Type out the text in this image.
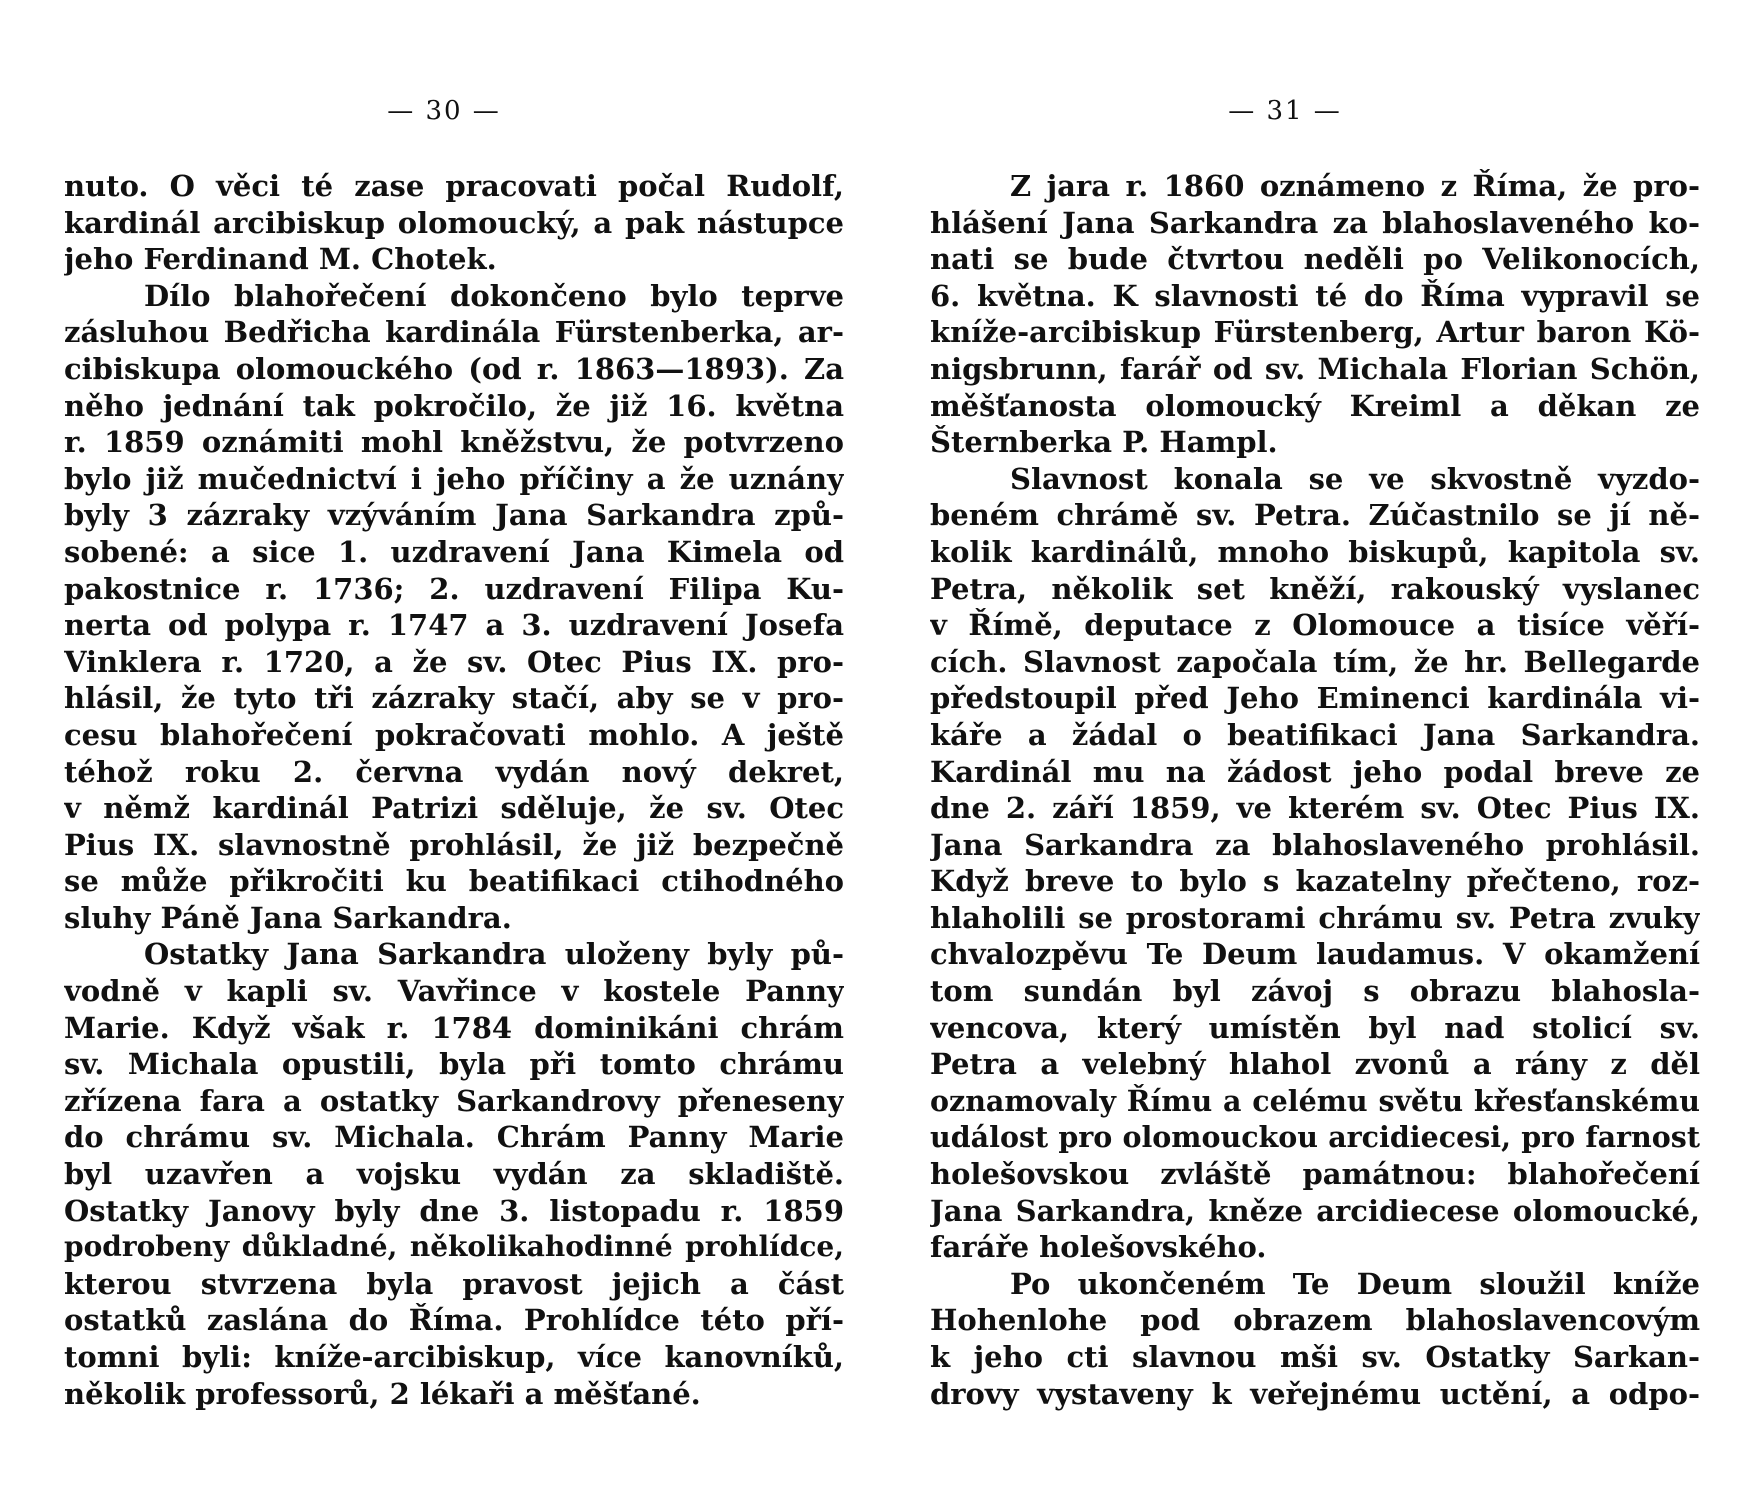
— 30 —
nuto. O věci té zase pracovati počal Rudolf,
kardinál arcibiskup olomoucký, a pak nástupce
jeho Ferdinand M. Chotek.
Dílo blahořečení dokončeno bylo teprve
zásluhou Bedřicha kardinála Fürstenberka, ar-
cibiskupa olomouckého (od r. 1863—1893). Za
něho jednání tak pokročilo, že již 16. května
r. 1859 oznámiti mohl kněžstvu, že potvrzeno
bylo již mučednictví i jeho příčiny a že uznány
byly 3 zázraky vzýváním Jana Sarkandra způ-
sobené: a sice 1. uzdravení Jana Kimela od
pakostnice r. 1736; 2. uzdravení Filipa Ku-
nerta od polypa r. 1747 a 3. uzdravení Josefa
Vinklera r. 1720, a že sv. Otec Pius IX. pro-
hlásil, že tyto tři zázraky stačí, aby se v pro-
cesu blahořečení pokračovati mohlo. A ještě
téhož roku 2. června vydán nový dekret,
v němž kardinál Patrizi sděluje, že sv. Otec
Pius IX. slavnostně prohlásil, že již bezpečně
se může přikročiti ku beatifikaci ctihodného
sluhy Páně Jana Sarkandra.
Ostatky Jana Sarkandra uloženy byly pů-
vodně v kapli sv. Vavřince v kostele Panny
Marie. Když však r. 1784 dominikáni chrám
sv. Michala opustili, byla při tomto chrámu
zřízena fara a ostatky Sarkandrovy přeneseny
do chrámu sv. Michala. Chrám Panny Marie
byl uzavřen a vojsku vydán za skladiště.
Ostatky Janovy byly dne 3. listopadu r. 1859
podrobeny důkladné, několikahodinné prohlídce,
kterou stvrzena byla pravost jejich a část
ostatků zaslána do Říma. Prohlídce této pří-
tomni byli: kníže-arcibiskup, více kanovníků,
několik professorů, 2 lékaři a měšťané.
— 31 —
Z jara r. 1860 oznámeno z Říma, že pro-
hlášení Jana Sarkandra za blahoslaveného ko-
nati se bude čtvrtou neděli po Velikonocích,
6. května. K slavnosti té do Říma vypravil se
kníže-arcibiskup Fürstenberg, Artur baron Kö-
nigsbrunn, farář od sv. Michala Florian Schön,
měšťanosta olomoucký Kreiml a děkan ze
Šternberka P. Hampl.
Slavnost konala se ve skvostně vyzdo-
beném chrámě sv. Petra. Zúčastnilo se jí ně-
kolik kardinálů, mnoho biskupů, kapitola sv.
Petra, několik set kněží, rakouský vyslanec
v Římě, deputace z Olomouce a tisíce věří-
cích. Slavnost započala tím, že hr. Bellegarde
předstoupil před Jeho Eminenci kardinála vi-
káře a žádal o beatifikaci Jana Sarkandra.
Kardinál mu na žádost jeho podal breve ze
dne 2. září 1859, ve kterém sv. Otec Pius IX.
Jana Sarkandra za blahoslaveného prohlásil.
Když breve to bylo s kazatelny přečteno, roz-
hlaholili se prostorami chrámu sv. Petra zvuky
chvalozpěvu Te Deum laudamus. V okamžení
tom sundán byl závoj s obrazu blahosla-
vencova, který umístěn byl nad stolicí sv.
Petra a velebný hlahol zvonů a rány z děl
oznamovaly Římu a celému světu křesťanskému
událost pro olomouckou arcidiecesi, pro farnost
holešovskou zvláště památnou: blahořečení
Jana Sarkandra, kněze arcidiecese olomoucké,
faráře holešovského.
Po ukončeném Te Deum sloužil kníže
Hohenlohe pod obrazem blahoslavencovým
k jeho cti slavnou mši sv. Ostatky Sarkan-
drovy vystaveny k veřejnému uctění, a odpo-
